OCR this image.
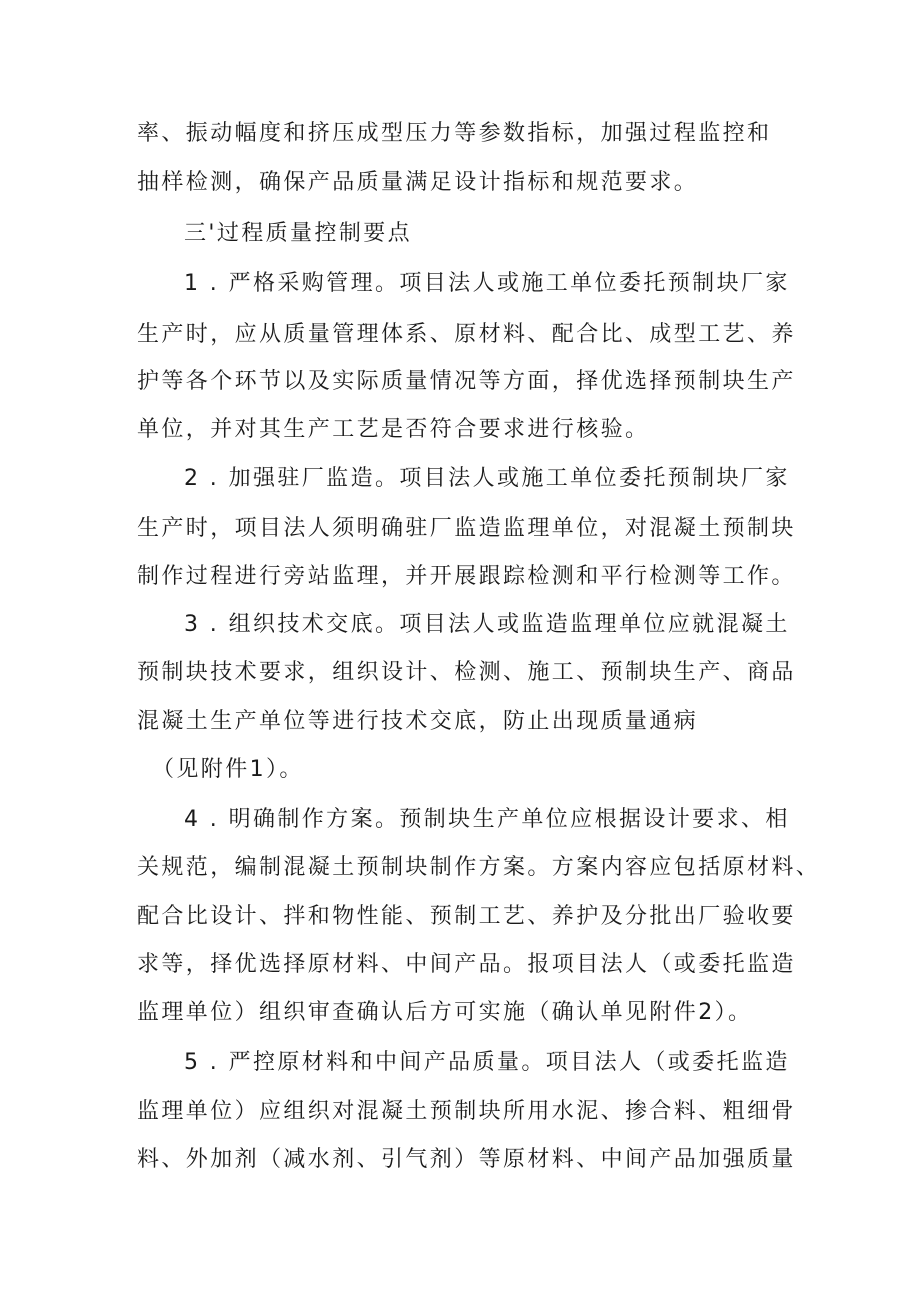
率、振动幅度和挤压成型压力等参数指标，加强过程监控和
抽样检测，确保产品质量满足设计指标和规范要求。
三'过程质量控制要点
1 . 严格采购管理。项目法人或施工单位委托预制块厂家
生产时，应从质量管理体系、原材料、配合比、成型工艺、养
护等各个环节以及实际质量情况等方面，择优选择预制块生产
单位，并对其生产工艺是否符合要求进行核验。
2 . 加强驻厂监造。项目法人或施工单位委托预制块厂家
生产时，项目法人须明确驻厂监造监理单位，对混凝土预制块
制作过程进行旁站监理，并开展跟踪检测和平行检测等工作。
3 . 组织技术交底。项目法人或监造监理单位应就混凝土
预制块技术要求，组织设计、检测、施工、预制块生产、商品
混凝土生产单位等进行技术交底，防止出现质量通病
（见附件1）。
4 . 明确制作方案。预制块生产单位应根据设计要求、相
关规范，编制混凝土预制块制作方案。方案内容应包括原材料、
配合比设计、拌和物性能、预制工艺、养护及分批出厂验收要
求等，择优选择原材料、中间产品。报项目法人（或委托监造
监理单位）组织审查确认后方可实施（确认单见附件2）。
5 . 严控原材料和中间产品质量。项目法人（或委托监造
监理单位）应组织对混凝土预制块所用水泥、掺合料、粗细骨
料、外加剂（减水剂、引气剂）等原材料、中间产品加强质量
